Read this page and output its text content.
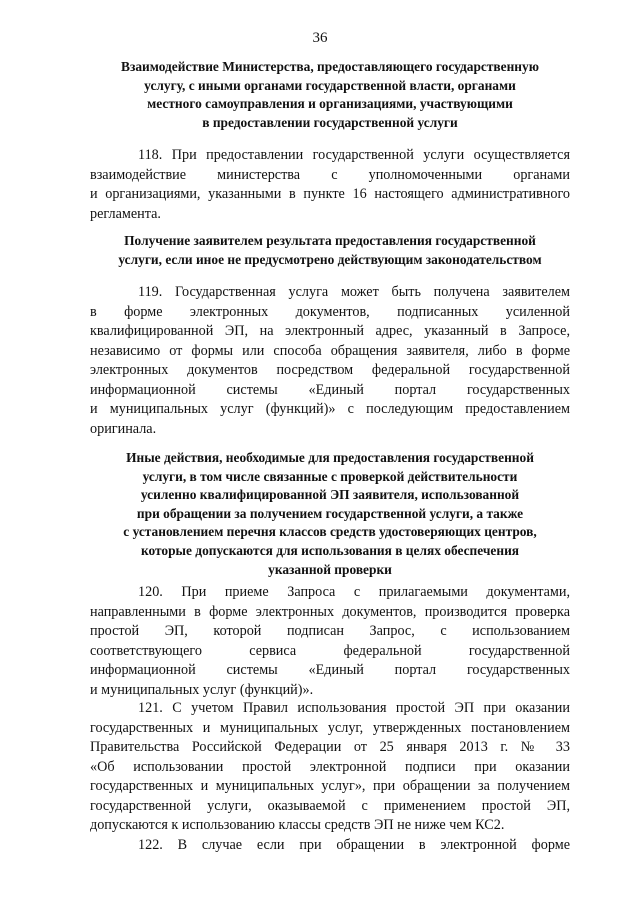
36
Взаимодействие Министерства, предоставляющего государственную
услугу, с иными органами государственной власти, органами
местного самоуправления и организациями, участвующими
в предоставлении государственной услуги
118. При предоставлении государственной услуги осуществляется
взаимодействие министерства с уполномоченными органами
и организациями, указанными в пункте 16 настоящего административного
регламента.
Получение заявителем результата предоставления государственной
услуги, если иное не предусмотрено действующим законодательством
119. Государственная услуга может быть получена заявителем
в форме электронных документов, подписанных усиленной
квалифицированной ЭП, на электронный адрес, указанный в Запросе,
независимо от формы или способа обращения заявителя, либо в форме
электронных документов посредством федеральной государственной
информационной системы «Единый портал государственных
и муниципальных услуг (функций)» с последующим предоставлением
оригинала.
Иные действия, необходимые для предоставления государственной
услуги, в том числе связанные с проверкой действительности
усиленно квалифицированной ЭП заявителя, использованной
при обращении за получением государственной услуги, а также
с установлением перечня классов средств удостоверяющих центров,
которые допускаются для использования в целях обеспечения
указанной проверки
120. При приеме Запроса с прилагаемыми документами,
направленными в форме электронных документов, производится проверка
простой ЭП, которой подписан Запрос, с использованием
соответствующего сервиса федеральной государственной
информационной системы «Единый портал государственных
и муниципальных услуг (функций)».
121. С учетом Правил использования простой ЭП при оказании
государственных и муниципальных услуг, утвержденных постановлением
Правительства Российской Федерации от 25 января 2013 г. № 33
«Об использовании простой электронной подписи при оказании
государственных и муниципальных услуг», при обращении за получением
государственной услуги, оказываемой с применением простой ЭП,
допускаются к использованию классы средств ЭП не ниже чем КС2.
122. В случае если при обращении в электронной форме
